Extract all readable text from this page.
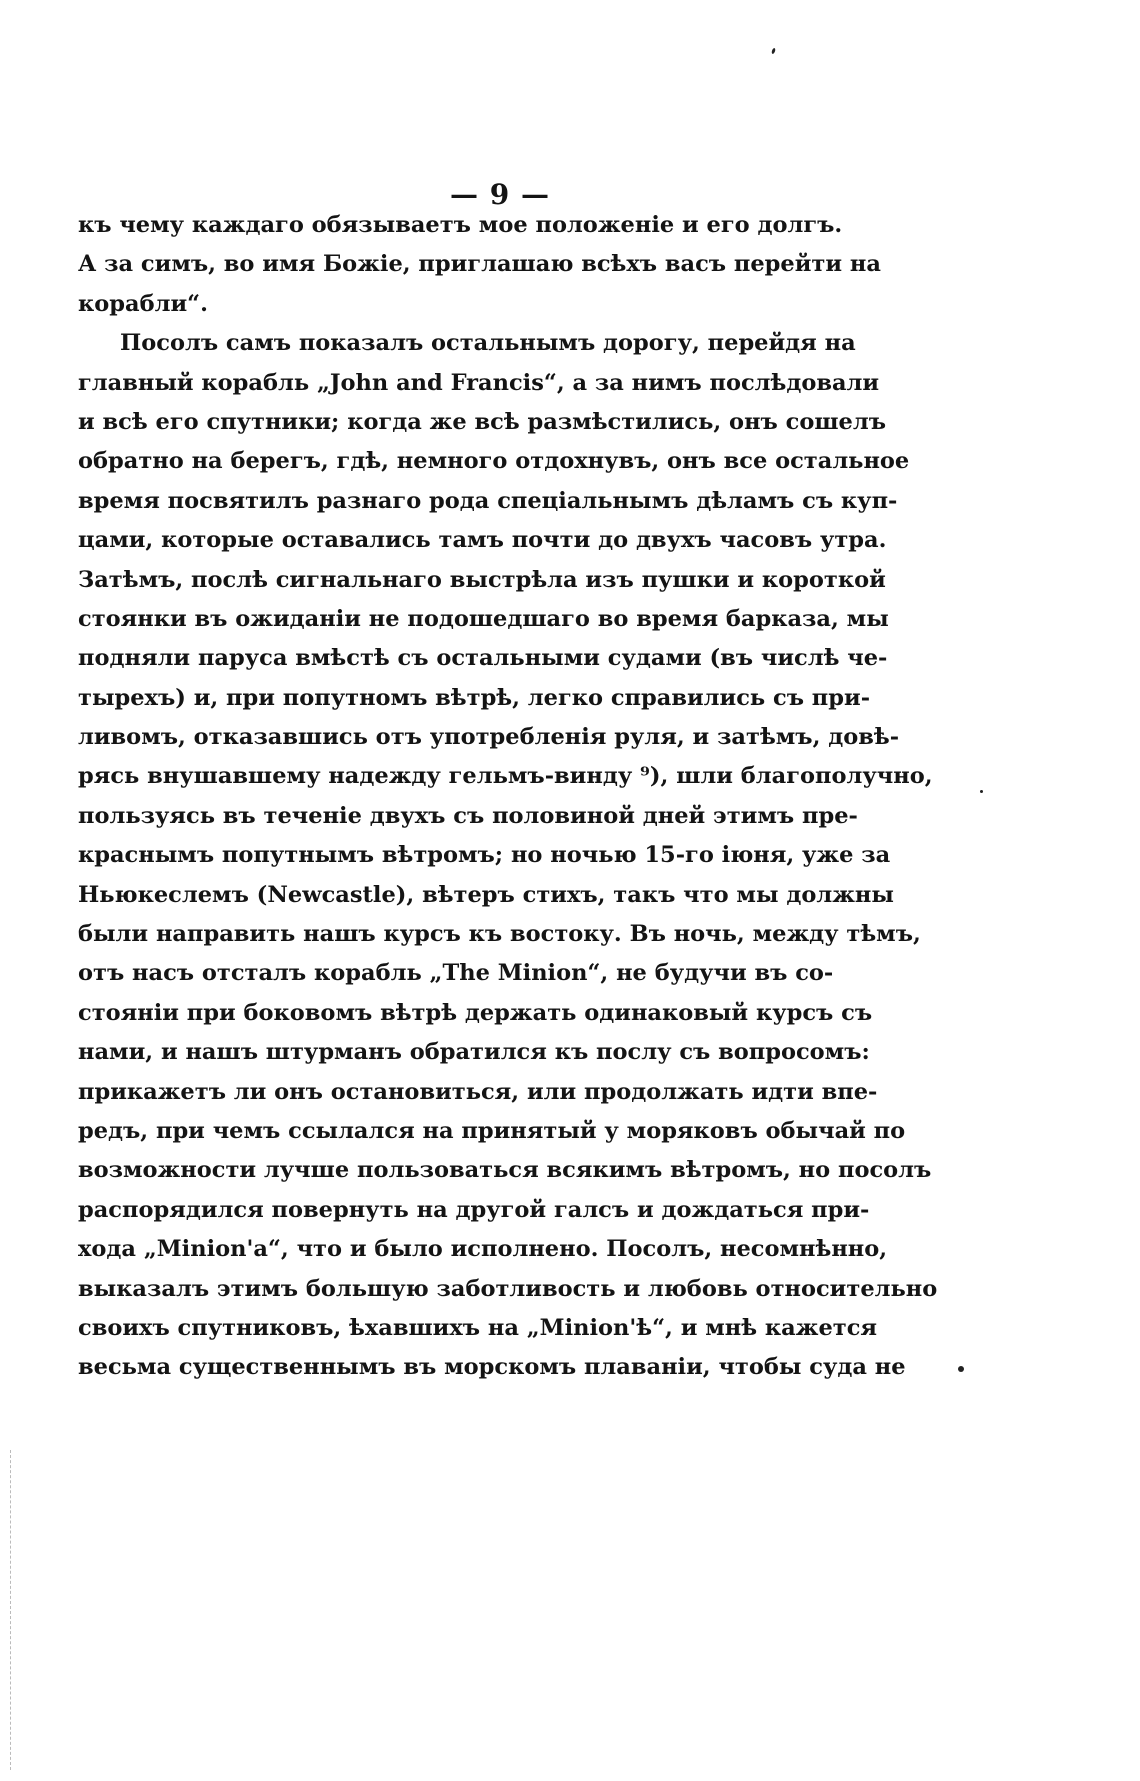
— 9 —
къ чему каждаго обязываетъ мое положенiе и его долгъ.
А за симъ, во имя Божiе, приглашаю всѣхъ васъ перейти на
корабли“.
Посолъ самъ показалъ остальнымъ дорогу, перейдя на
главный корабль „John and Francis“, а за нимъ послѣдовали
и всѣ его спутники; когда же всѣ размѣстились, онъ сошелъ
обратно на берегъ, гдѣ, немного отдохнувъ, онъ все остальное
время посвятилъ разнаго рода спецiальнымъ дѣламъ съ куп-
цами, которые оставались тамъ почти до двухъ часовъ утра.
Затѣмъ, послѣ сигнальнаго выстрѣла изъ пушки и короткой
стоянки въ ожиданiи не подошедшаго во время барказа, мы
подняли паруса вмѣстѣ съ остальными судами (въ числѣ че-
тырехъ) и, при попутномъ вѣтрѣ, легко справились съ при-
ливомъ, отказавшись отъ употребленiя руля, и затѣмъ, довѣ-
рясь внушавшему надежду гельмъ-винду ⁹), шли благополучно,
пользуясь въ теченiе двухъ съ половиной дней этимъ пре-
краснымъ попутнымъ вѣтромъ; но ночью 15-го iюня, уже за
Ньюкеслемъ (Newcastle), вѣтеръ стихъ, такъ что мы должны
были направить нашъ курсъ къ востоку. Въ ночь, между тѣмъ,
отъ насъ отсталъ корабль „The Minion“, не будучи въ со-
стоянiи при боковомъ вѣтрѣ держать одинаковый курсъ съ
нами, и нашъ штурманъ обратился къ послу съ вопросомъ:
прикажетъ ли онъ остановиться, или продолжать идти впе-
редъ, при чемъ ссылался на принятый у моряковъ обычай по
возможности лучше пользоваться всякимъ вѣтромъ, но посолъ
распорядился повернуть на другой галсъ и дождаться при-
хода „Minion'a“, что и было исполнено. Посолъ, несомнѣнно,
выказалъ этимъ большую заботливость и любовь относительно
своихъ спутниковъ, ѣхавшихъ на „Minion'ѣ“, и мнѣ кажется
весьма существеннымъ въ морскомъ плаванiи, чтобы суда не
